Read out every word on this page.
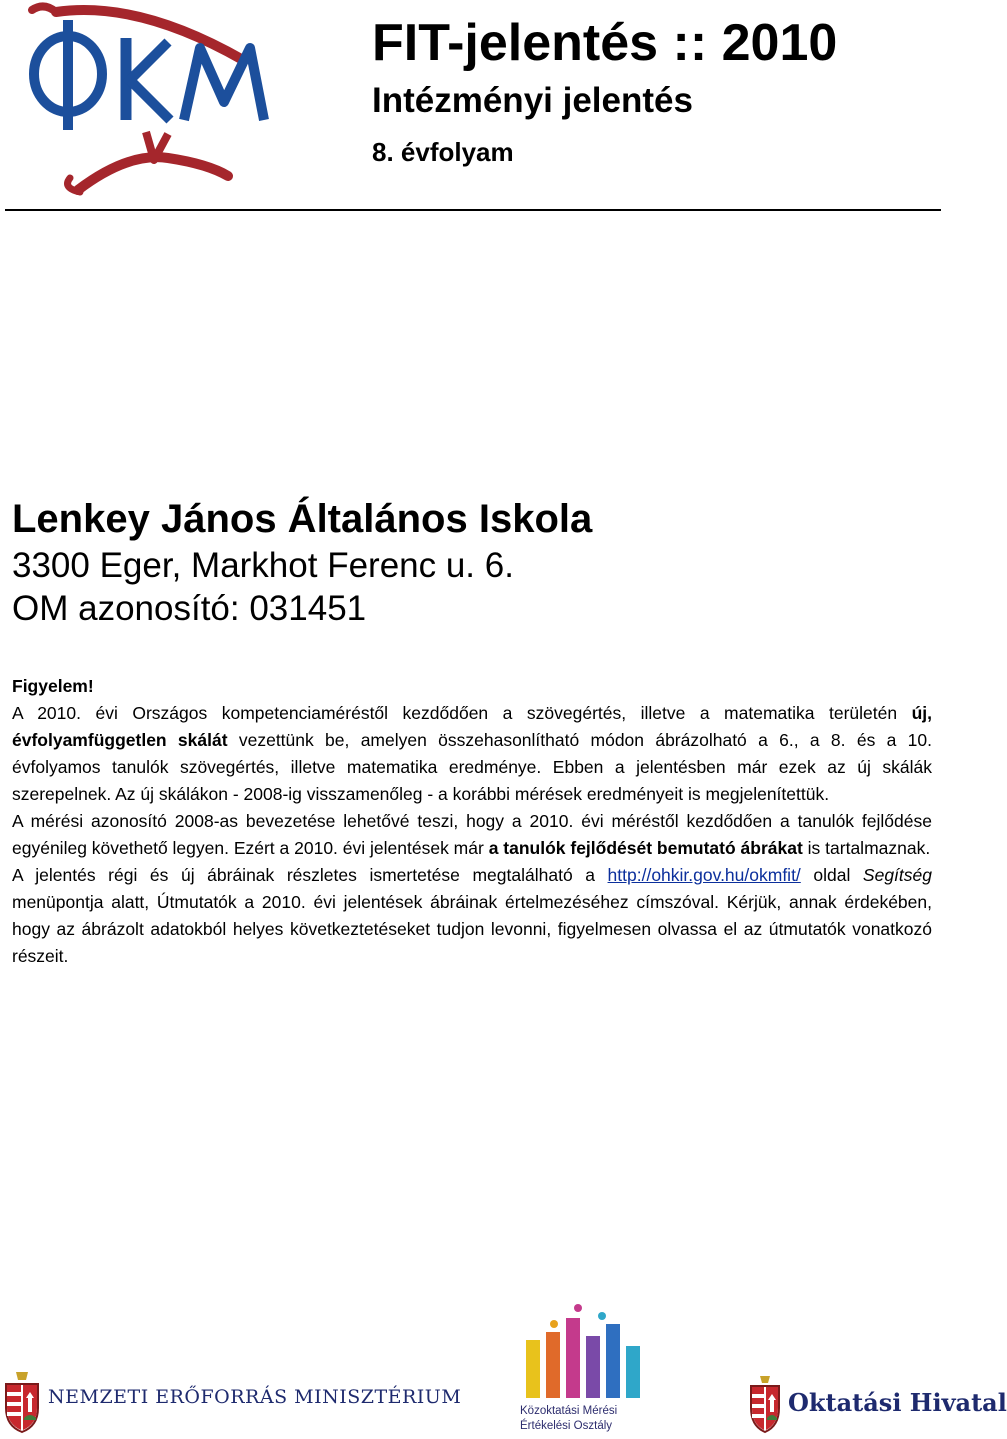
FIT-jelentés :: 2010
Intézményi jelentés
8. évfolyam

Lenkey János Általános Iskola

3300 Eger, Markhot Ferenc u. 6.

OM azonosító: 031451

Figyelem!

A 2010. évi Országos kompetenciaméréstől kezdődően a szövegértés, illetve a matematika területén új, évfolyamfüggetlen skálát vezettünk be, amelyen összehasonlítható módon ábrázolható a 6., a 8. és a 10. évfolyamos tanulók szövegértés, illetve matematika eredménye. Ebben a jelentésben már ezek az új skálák szerepelnek. Az új skálákon - 2008-ig visszamenőleg - a korábbi mérések eredményeit is megjelenítettük.

A mérési azonosító 2008-as bevezetése lehetővé teszi, hogy a 2010. évi méréstől kezdődően a tanulók fejlődése egyénileg követhető legyen. Ezért a 2010. évi jelentések már a tanulók fejlődését bemutató ábrákat is tartalmaznak.

A jelentés régi és új ábráinak részletes ismertetése megtalálható a http://ohkir.gov.hu/okmfit/ oldal Segítség menüpontja alatt, Útmutatók a 2010. évi jelentések ábráinak értelmezéséhez címszóval. Kérjük, annak érdekében, hogy az ábrázolt adatokból helyes következtetéseket tudjon levonni, figyelmesen olvassa el az útmutatók vonatkozó részeit.

NEMZETI ERŐFORRÁS MINISZTÉRIUM
Közoktatási Mérési
Értékelési Osztály
Oktatási Hivatal
